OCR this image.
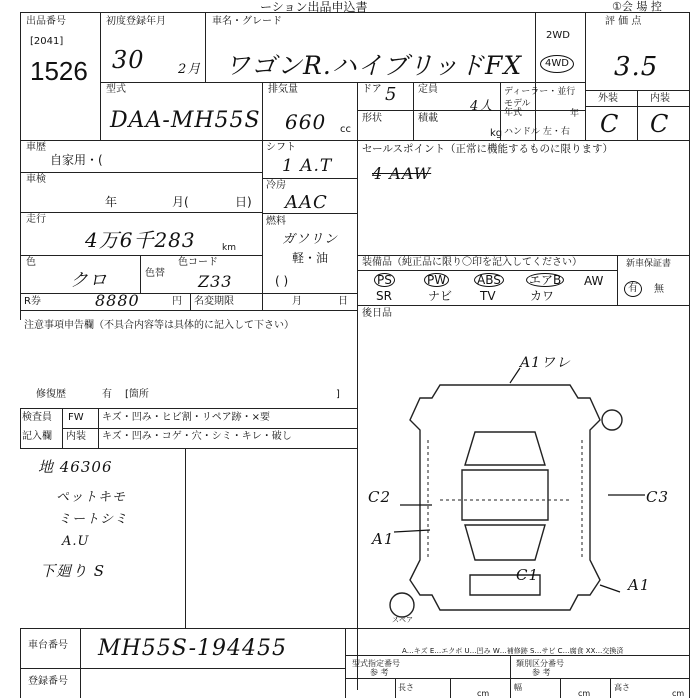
ーション出品申込書	①会 場 控
出品番号
[2041]
1526
初度登録年月
30	2月
車名・グレード
ワゴンR.ハイブリッドFX
2WD
4WD
評 価 点
3.5
外装	内装
C C
型式
DAA-MH55S
排気量
660 cc
ドア 5 定員
4人
形状	積載
kg
ディーラー・並行
モデル
年式	年
ハンドル 左・右
車歴
自家用・(
車検
年	月(	日)
走行
4万6千283	km
色
クロ	色替
色コード
Z33
シフト
1 A.T
冷房
AAC
燃料
ガソリン
軽・油
( )
R券	8880	円 名変期限	月	日
セールスポイント（正常に機能するものに限ります）
4 AAW
装備品（純正品に限り〇印を記入してください）
PS	PW	ABS エアB AW
SR	ナビ TV	カワ
新車保証書
有	無
後日品
注意事項申告欄（不具合内容等は具体的に記入して下さい）
修復歴	有 [箇所	]
検査員
記入欄
FW キズ・凹み・ヒビ割・リペア跡・×要
内装 キズ・凹み・コゲ・穴・シミ・キレ・破し
地 46306
ペットキモ
ミートシミ
A.U
下廻り S
A1ワレ
C2	C3
A1
C1
A1
スペア
車台番号 MH55S-194455
登録番号
A…キズ E…エクボ U…凹み W…補修跡 S…サビ C…腐食 XX…交換済
型式指定番号
参 考
類別区分番号
参 考
長さ
cm
幅
cm
高さ
cm
